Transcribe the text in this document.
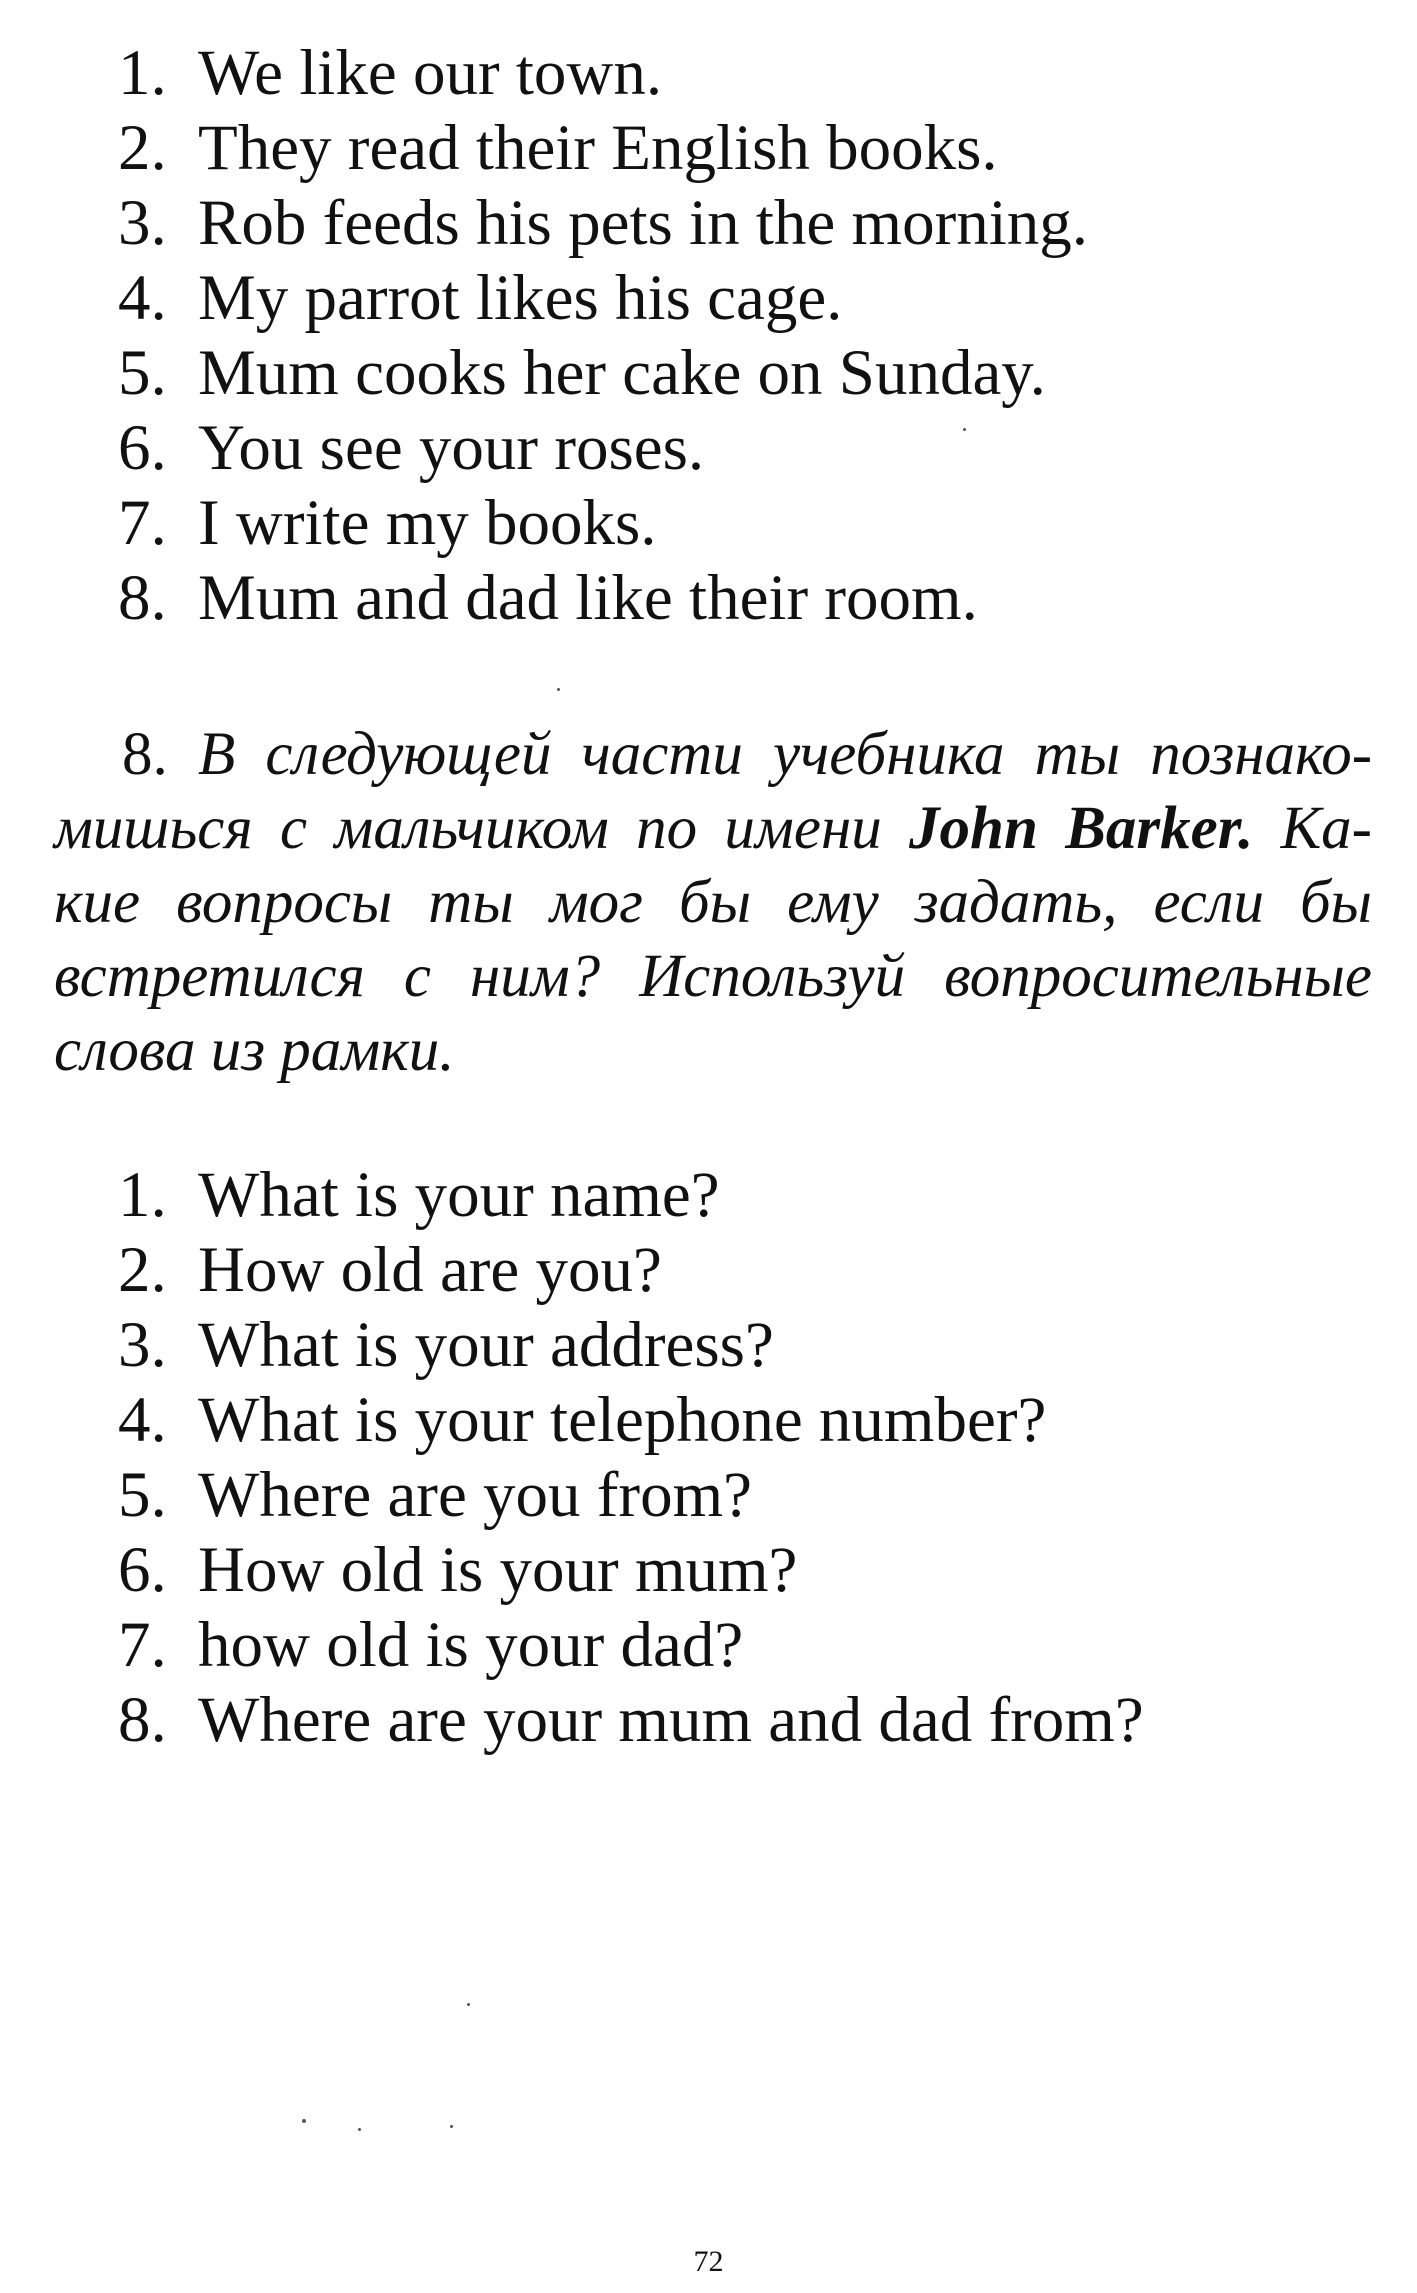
1. We like our town.
2. They read their English books.
3. Rob feeds his pets in the morning.
4. My parrot likes his cage.
5. Mum cooks her cake on Sunday.
6. You see your roses.
7. I write my books.
8. Mum and dad like their room.

8. В следующей части учебника ты познако-

мишься с мальчиком по имени John Barker. Ка-

кие вопросы ты мог бы ему задать, если бы

встретился с ним? Используй вопросительные

слова из рамки.

1. What is your name?
2. How old are you?
3. What is your address?
4. What is your telephone number?
5. Where are you from?
6. How old is your mum?
7. how old is your dad?
8. Where are your mum and dad from?
72
